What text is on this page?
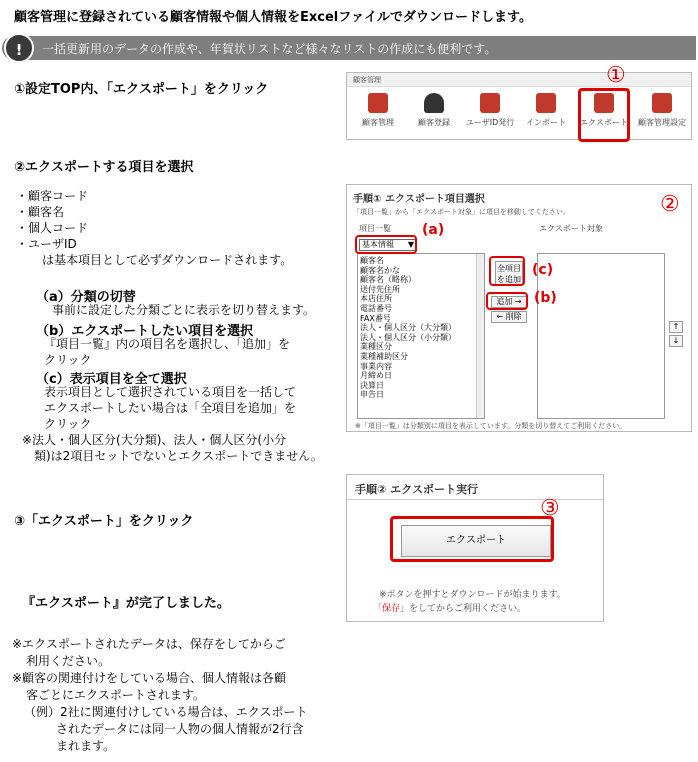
顧客管理に登録されている顧客情報や個人情報をExcelファイルでダウンロードします。
!	一括更新用のデータの作成や、年賀状リストなど様々なリストの作成にも便利です。
①設定TOP内、「エクスポート」をクリック
顧客管理
顧客管理	顧客登録	ユーザID発行	インポート	エクスポート	顧客管理設定
①
②エクスポートする項目を選択
・顧客コード
・顧客名
・個人コード
・ユーザID
は基本項目として必ずダウンロードされます。
（a）分類の切替
事前に設定した分類ごとに表示を切り替えます。
（b）エクスポートしたい項目を選択
『項目一覧』内の項目名を選択し、「追加」を
クリック
（c）表示項目を全て選択
表示項目として選択されている項目を一括して
エクスポートしたい場合は「全項目を追加」を
クリック
※法人・個人区分(大分類)、法人・個人区分(小分
類)は2項目セットでないとエクスポートできません。
手順① エクスポート項目選択
「項目一覧」から「エクスポート対象」に項目を移動してください。
項目一覧	エクスポート対象
基本情報 ▼
顧客名
顧客名かな
顧客名（略称）
送付先住所
本店住所
電話番号
FAX番号
法人・個人区分（大分類）
法人・個人区分（小分類）
業種区分
業種補助区分
事業内容
月締め日
決算日
申告日
全項目
を追加
追加 →
← 削除
↑
↓
※「項目一覧」は分類別に項目を表示しています。分類を切り替えてご利用ください。
(a)
(c)
(b)
②
③「エクスポート」をクリック
手順② エクスポート実行
エクスポート
※ボタンを押すとダウンロードが始まります。
「保存」をしてからご利用ください。
③
『エクスポート』が完了しました。
※エクスポートされたデータは、保存をしてからご
利用ください。
※顧客の関連付けをしている場合、個人情報は各顧
客ごとにエクスポートされます。
（例）2社に関連付けしている場合は、エクスポート
されたデータには同一人物の個人情報が2行含
まれます。
